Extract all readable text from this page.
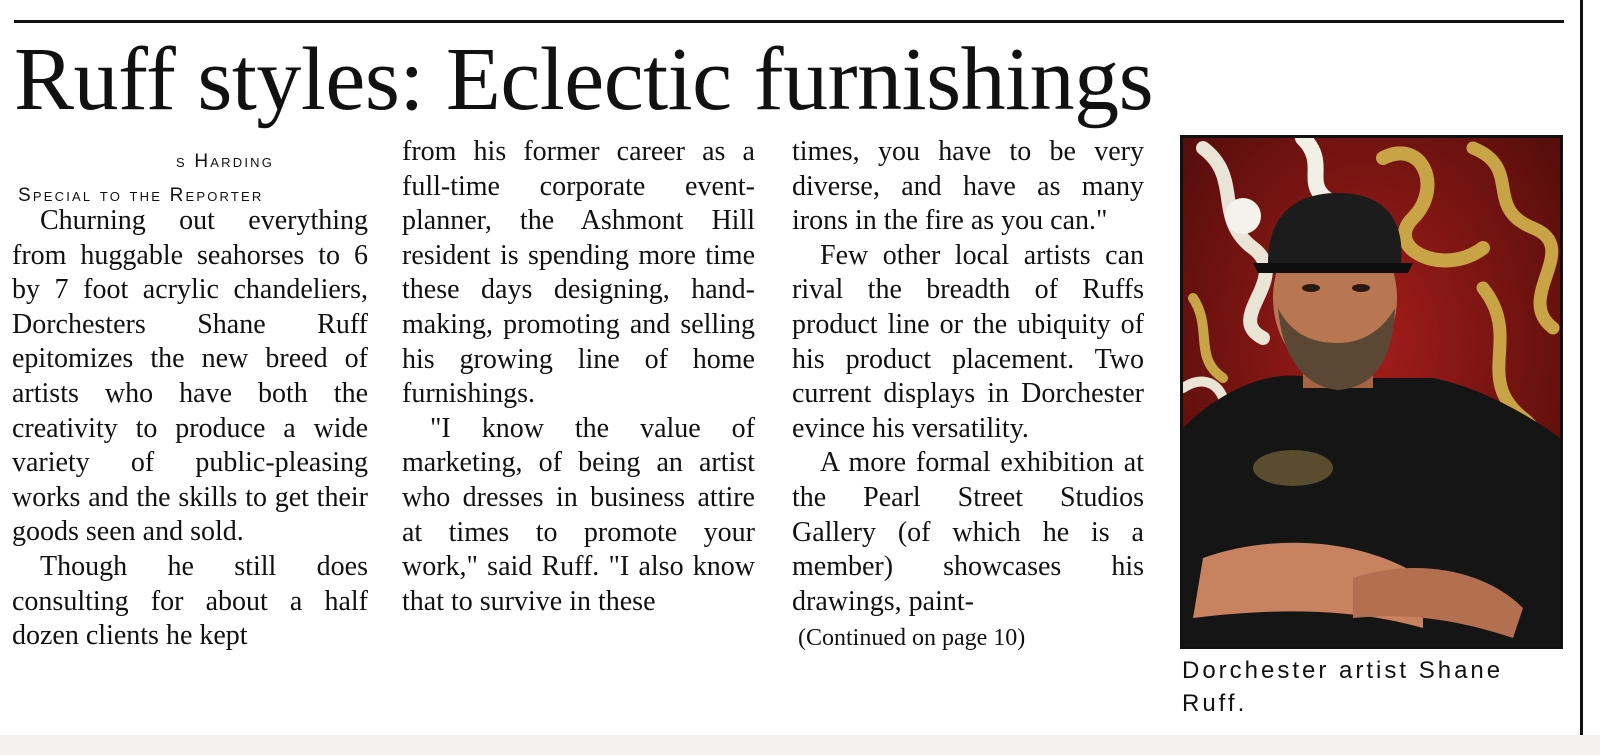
Ruff styles: Eclectic furnishings
s Harding
Special to the Reporter

Churning out everything from huggable seahorses to 6 by 7 foot acrylic chandeliers, Dorchesters Shane Ruff epitomizes the new breed of artists who have both the creativity to produce a wide variety of public-pleasing works and the skills to get their goods seen and sold.

Though he still does consulting for about a half dozen clients he kept

from his former career as a full-time corporate event-planner, the Ashmont Hill resident is spending more time these days designing, hand-making, promoting and selling his growing line of home furnishings.

"I know the value of marketing, of being an artist who dresses in business attire at times to promote your work," said Ruff. "I also know that to survive in these

times, you have to be very diverse, and have as many irons in the fire as you can."

Few other local artists can rival the breadth of Ruffs product line or the ubiquity of his product placement. Two current displays in Dorchester evince his versatility.

A more formal exhibition at the Pearl Street Studios Gallery (of which he is a member) showcases his drawings, paint-

(Continued on page 10)
Dorchester artist Shane Ruff.
